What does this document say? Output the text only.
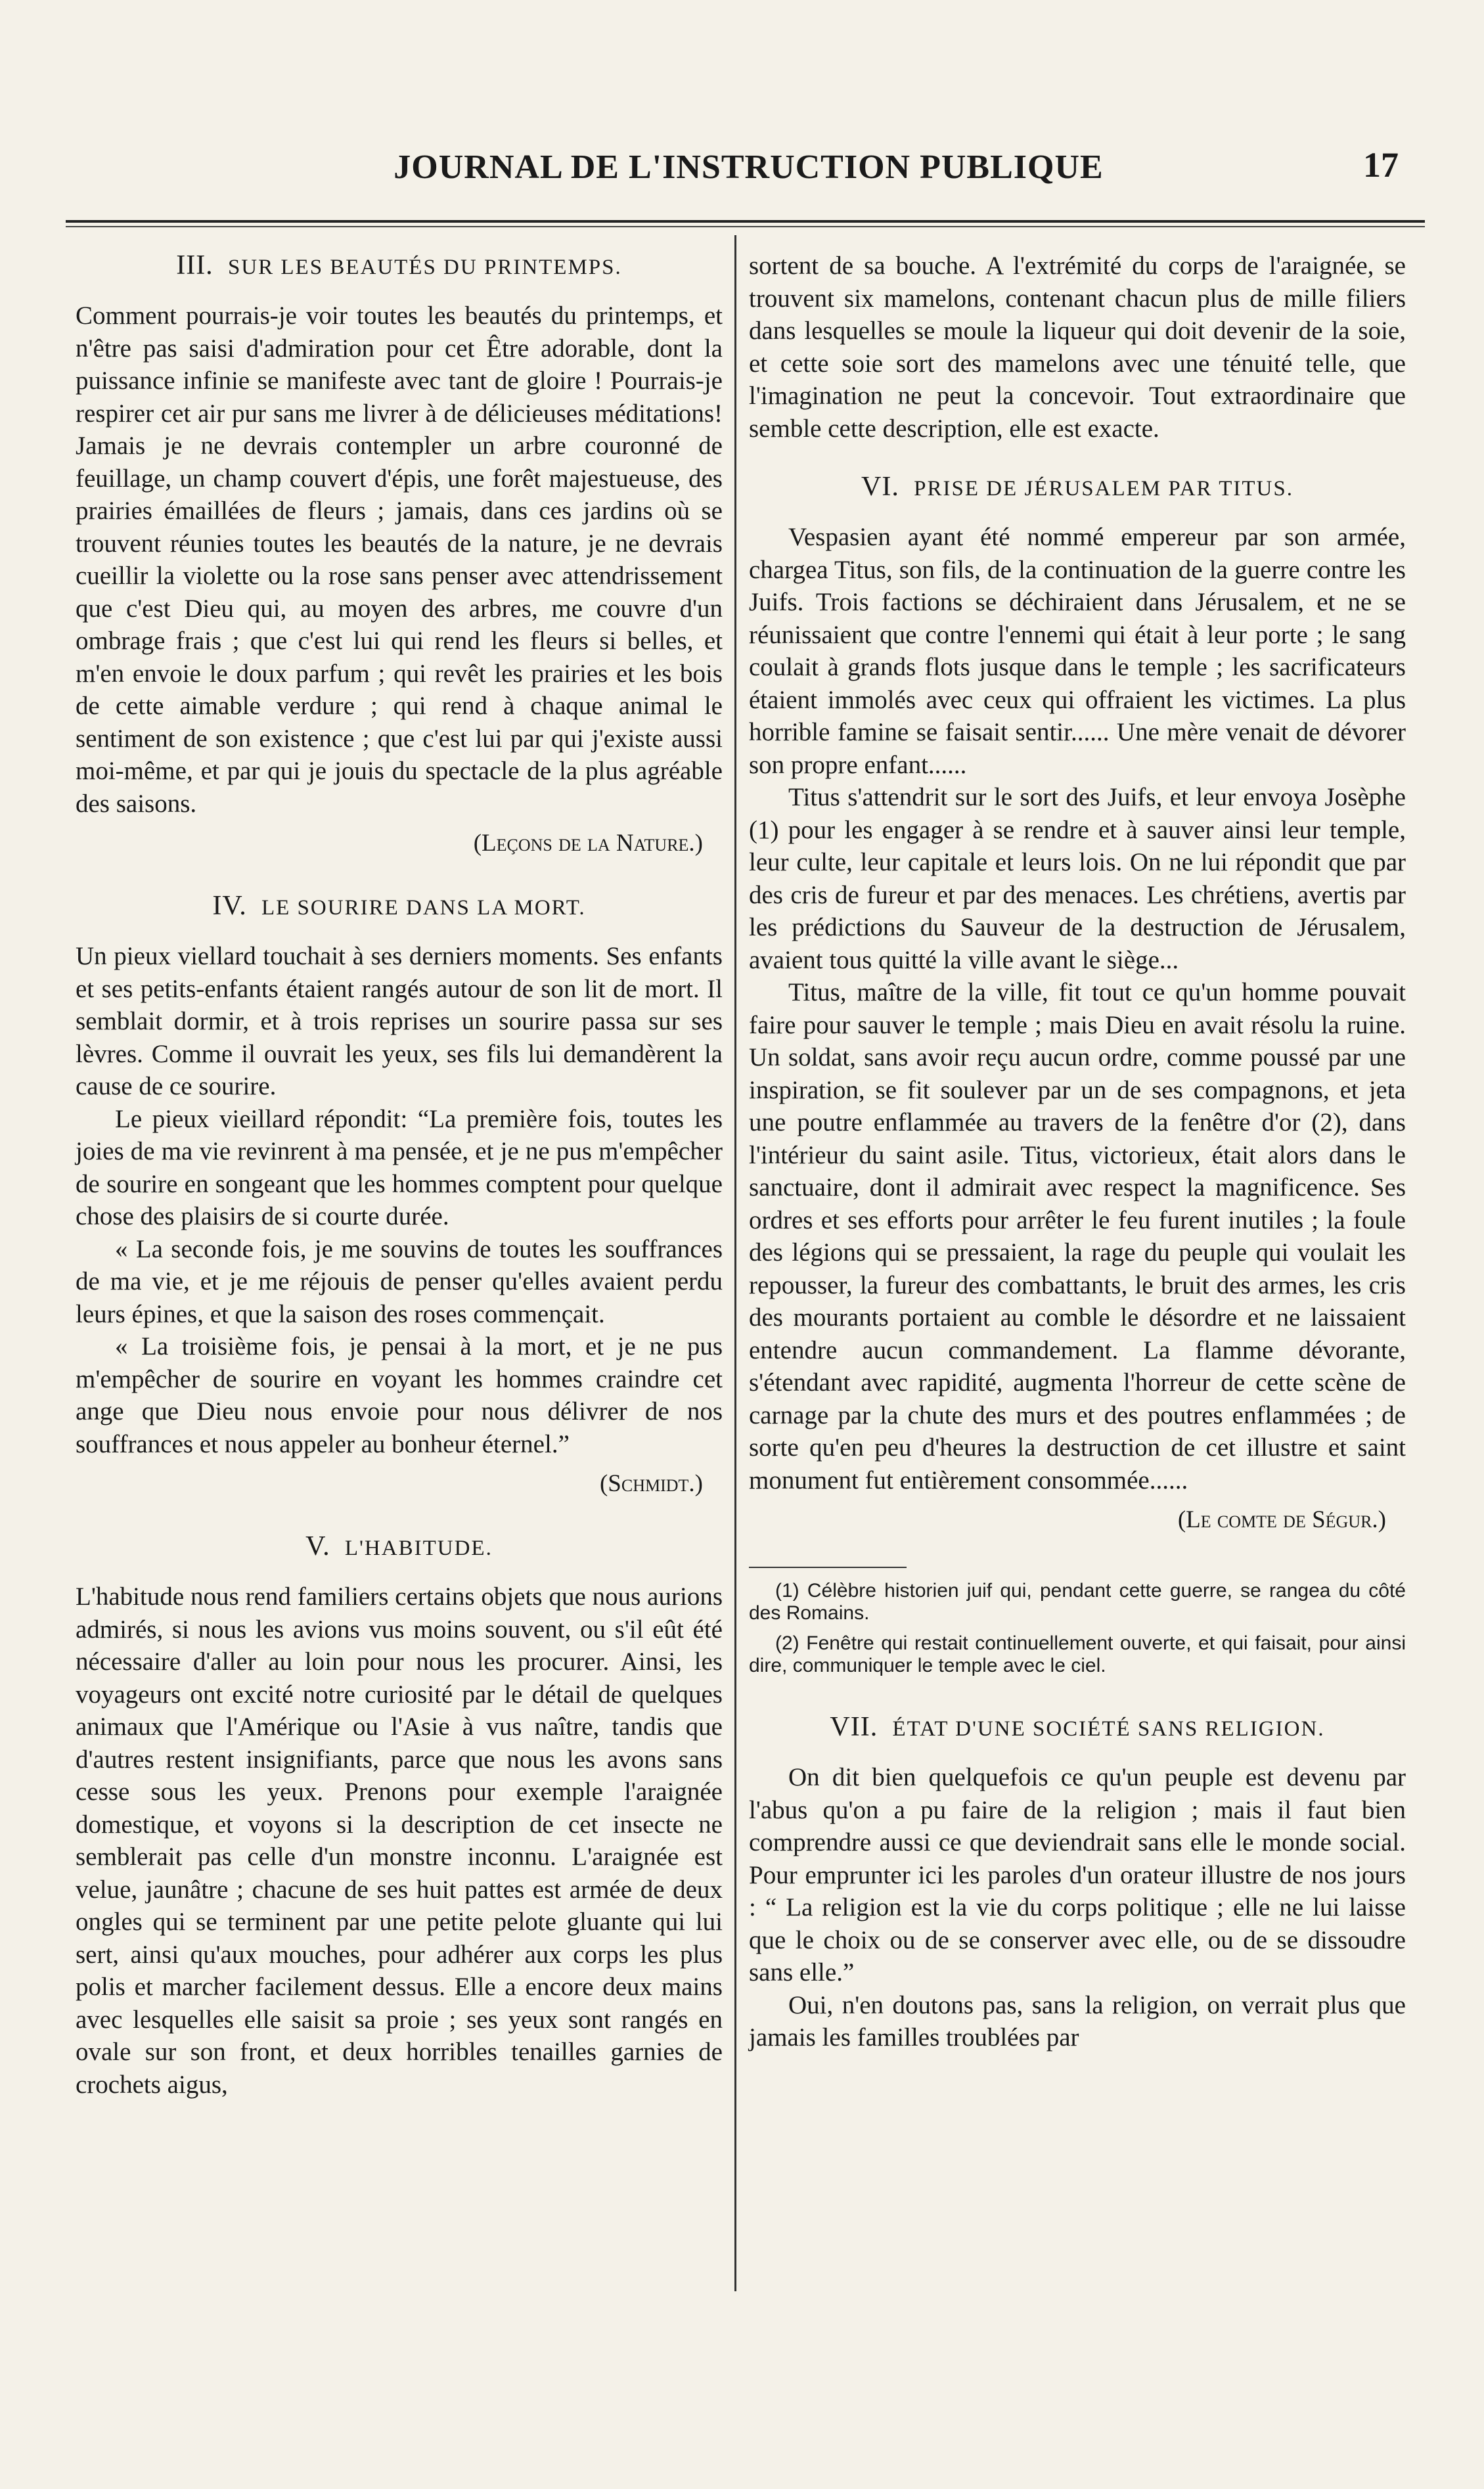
JOURNAL DE L'INSTRUCTION PUBLIQUE	17
III. SUR LES BEAUTÉS DU PRINTEMPS.

Comment pourrais-je voir toutes les beautés du printemps, et n'être pas saisi d'admiration pour cet Être adorable, dont la puissance infinie se manifeste avec tant de gloire ! Pourrais-je respirer cet air pur sans me livrer à de délicieuses méditations! Jamais je ne devrais contempler un arbre couronné de feuillage, un champ couvert d'épis, une forêt majestueuse, des prairies émaillées de fleurs ; jamais, dans ces jardins où se trouvent réunies toutes les beautés de la nature, je ne devrais cueillir la violette ou la rose sans penser avec attendrissement que c'est Dieu qui, au moyen des arbres, me couvre d'un ombrage frais ; que c'est lui qui rend les fleurs si belles, et m'en envoie le doux parfum ; qui revêt les prairies et les bois de cette aimable verdure ; qui rend à chaque animal le sentiment de son existence ; que c'est lui par qui j'existe aussi moi-même, et par qui je jouis du spectacle de la plus agréable des saisons.

(Leçons de la Nature.)
IV. LE SOURIRE DANS LA MORT.

Un pieux viellard touchait à ses derniers moments. Ses enfants et ses petits-enfants étaient rangés autour de son lit de mort. Il semblait dormir, et à trois reprises un sourire passa sur ses lèvres. Comme il ouvrait les yeux, ses fils lui demandèrent la cause de ce sourire.

Le pieux vieillard répondit: “La première fois, toutes les joies de ma vie revinrent à ma pensée, et je ne pus m'empêcher de sourire en songeant que les hommes comptent pour quelque chose des plaisirs de si courte durée.

« La seconde fois, je me souvins de toutes les souffrances de ma vie, et je me réjouis de penser qu'elles avaient perdu leurs épines, et que la saison des roses commençait.

« La troisième fois, je pensai à la mort, et je ne pus m'empêcher de sourire en voyant les hommes craindre cet ange que Dieu nous envoie pour nous délivrer de nos souffrances et nous appeler au bonheur éternel.”

(Schmidt.)
V. L'HABITUDE.

L'habitude nous rend familiers certains objets que nous aurions admirés, si nous les avions vus moins souvent, ou s'il eût été nécessaire d'aller au loin pour nous les procurer. Ainsi, les voyageurs ont excité notre curiosité par le détail de quelques animaux que l'Amérique ou l'Asie à vus naître, tandis que d'autres restent insignifiants, parce que nous les avons sans cesse sous les yeux. Prenons pour exemple l'araignée domestique, et voyons si la description de cet insecte ne semblerait pas celle d'un monstre inconnu. L'araignée est velue, jaunâtre ; chacune de ses huit pattes est armée de deux ongles qui se terminent par une petite pelote gluante qui lui sert, ainsi qu'aux mouches, pour adhérer aux corps les plus polis et marcher facilement dessus. Elle a encore deux mains avec lesquelles elle saisit sa proie ; ses yeux sont rangés en ovale sur son front, et deux horribles tenailles garnies de crochets aigus,

sortent de sa bouche. A l'extrémité du corps de l'araignée, se trouvent six mamelons, contenant chacun plus de mille filiers dans lesquelles se moule la liqueur qui doit devenir de la soie, et cette soie sort des mamelons avec une ténuité telle, que l'imagination ne peut la concevoir. Tout extraordinaire que semble cette description, elle est exacte.

VI. PRISE DE JÉRUSALEM PAR TITUS.

Vespasien ayant été nommé empereur par son armée, chargea Titus, son fils, de la continuation de la guerre contre les Juifs. Trois factions se déchiraient dans Jérusalem, et ne se réunissaient que contre l'ennemi qui était à leur porte ; le sang coulait à grands flots jusque dans le temple ; les sacrificateurs étaient immolés avec ceux qui offraient les victimes. La plus horrible famine se faisait sentir...... Une mère venait de dévorer son propre enfant......

Titus s'attendrit sur le sort des Juifs, et leur envoya Josèphe (1) pour les engager à se rendre et à sauver ainsi leur temple, leur culte, leur capitale et leurs lois. On ne lui répondit que par des cris de fureur et par des menaces. Les chrétiens, avertis par les prédictions du Sauveur de la destruction de Jérusalem, avaient tous quitté la ville avant le siège...

Titus, maître de la ville, fit tout ce qu'un homme pouvait faire pour sauver le temple ; mais Dieu en avait résolu la ruine. Un soldat, sans avoir reçu aucun ordre, comme poussé par une inspiration, se fit soulever par un de ses compagnons, et jeta une poutre enflammée au travers de la fenêtre d'or (2), dans l'intérieur du saint asile. Titus, victorieux, était alors dans le sanctuaire, dont il admirait avec respect la magnificence. Ses ordres et ses efforts pour arrêter le feu furent inutiles ; la foule des légions qui se pressaient, la rage du peuple qui voulait les repousser, la fureur des combattants, le bruit des armes, les cris des mourants portaient au comble le désordre et ne laissaient entendre aucun commandement. La flamme dévorante, s'étendant avec rapidité, augmenta l'horreur de cette scène de carnage par la chute des murs et des poutres enflammées ; de sorte qu'en peu d'heures la destruction de cet illustre et saint monument fut entièrement consommée......

(Le comte de Ségur.)

(1) Célèbre historien juif qui, pendant cette guerre, se rangea du côté des Romains.

(2) Fenêtre qui restait continuellement ouverte, et qui faisait, pour ainsi dire, communiquer le temple avec le ciel.

VII. ÉTAT D'UNE SOCIÉTÉ SANS RELIGION.

On dit bien quelquefois ce qu'un peuple est devenu par l'abus qu'on a pu faire de la religion ; mais il faut bien comprendre aussi ce que deviendrait sans elle le monde social. Pour emprunter ici les paroles d'un orateur illustre de nos jours : “ La religion est la vie du corps politique ; elle ne lui laisse que le choix ou de se conserver avec elle, ou de se dissoudre sans elle.”

Oui, n'en doutons pas, sans la religion, on verrait plus que jamais les familles troublées par
